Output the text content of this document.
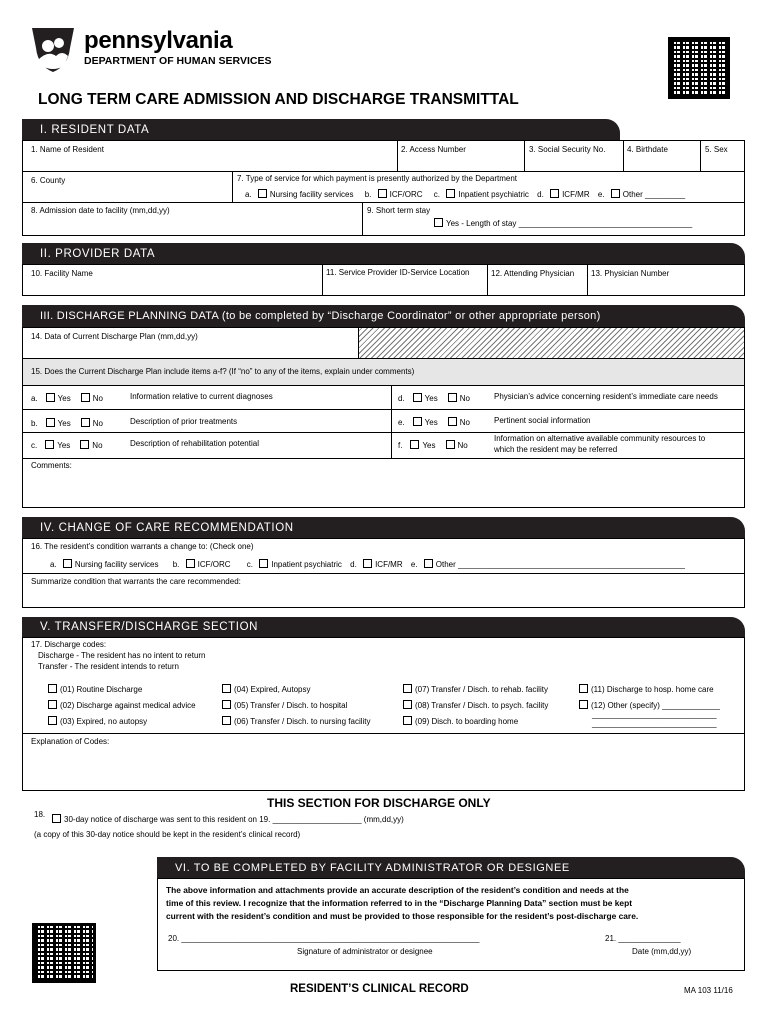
pennsylvania
DEPARTMENT OF HUMAN SERVICES
LONG TERM CARE ADMISSION AND DISCHARGE TRANSMITTAL
I. RESIDENT DATA
1. Name of Resident	2. Access Number	3. Social Security No.	4. Birthdate	5. Sex
6. County	7. Type of service for which payment is presently authorized by the Department
a. Nursing facility services b. ICF/ORC c. Inpatient psychiatric d. ICF/MR e. Other _________
8. Admission date to facility (mm,dd,yy)	9. Short term stay
Yes - Length of stay _______________________________________
II. PROVIDER DATA
10. Facility Name	11. Service Provider ID-Service Location	12. Attending Physician 13. Physician Number
III. DISCHARGE PLANNING DATA (to be completed by “Discharge Coordinator” or other appropriate person)
14. Data of Current Discharge Plan (mm,dd,yy)
15. Does the Current Discharge Plan include items a-f? (If “no” to any of the items, explain under comments)
a.	Yes	No	Information relative to current diagnoses
b.	Yes	No	Description of prior treatments
c.	Yes	No	Description of rehabilitation potential
d.	Yes	No	Physician’s advice concerning resident’s immediate care needs
e.	Yes	No	Pertinent social information
f.	Yes	No
Information on alternative available community resources to
which the resident may be referred
Comments:
IV. CHANGE OF CARE RECOMMENDATION
16. The resident’s condition warrants a change to: (Check one)
a. Nursing facility services b. ICF/ORC c. Inpatient psychiatric d. ICF/MR e. Other ___________________________________________________
Summarize condition that warrants the care recommended:
V. TRANSFER/DISCHARGE SECTION
17. Discharge codes:
Discharge - The resident has no intent to return
Transfer - The resident intends to return
(01) Routine Discharge
(02) Discharge against medical advice
(03) Expired, no autopsy
(04) Expired, Autopsy
(05) Transfer / Disch. to hospital
(06) Transfer / Disch. to nursing facility
(07) Transfer / Disch. to rehab. facility
(08) Transfer / Disch. to psych. facility
(09) Disch. to boarding home
(11) Discharge to hosp. home care
(12) Other (specify) _____________
____________________________
____________________________
Explanation of Codes:
THIS SECTION FOR DISCHARGE ONLY
18.
30-day notice of discharge was sent to this resident on 19. ____________________ (mm,dd,yy)
(a copy of this 30-day notice should be kept in the resident’s clinical record)
VI. TO BE COMPLETED BY FACILITY ADMINISTRATOR OR DESIGNEE
The above information and attachments provide an accurate description of the resident’s condition and needs at the
time of this review. I recognize that the information referred to in the “Discharge Planning Data” section must be kept
current with the resident’s condition and must be provided to those responsible for the resident’s post-discharge care.
20. ___________________________________________________________________
Signature of administrator or designee
21. ______________
Date (mm,dd,yy)
RESIDENT’S CLINICAL RECORD	MA 103 11/16
